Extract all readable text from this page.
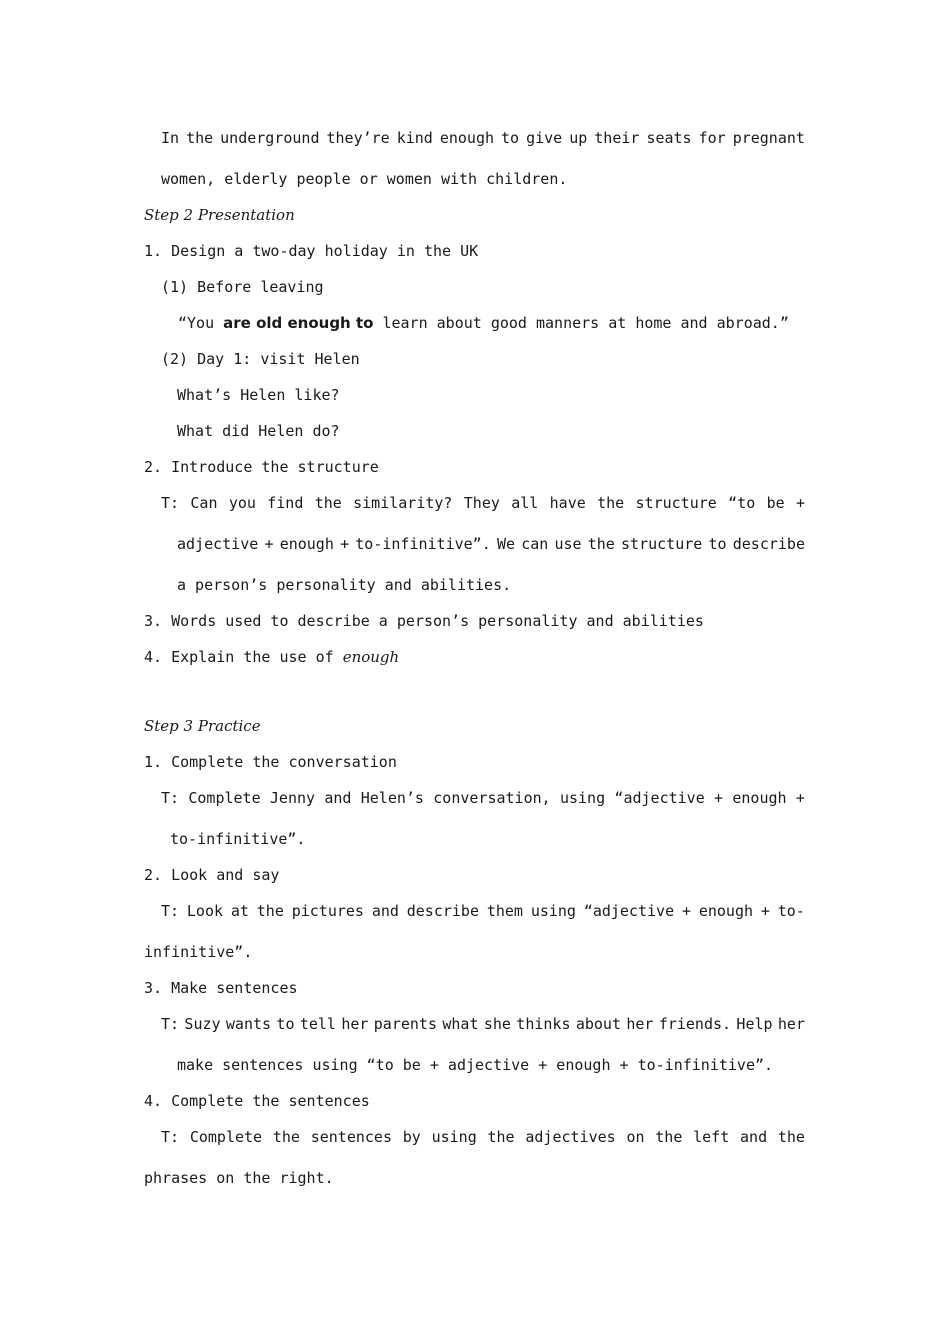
In the underground they’re kind enough to give up their seats for pregnant
women, elderly people or women with children.
Step 2 Presentation
1. Design a two-day holiday in the UK
(1) Before leaving
“You are old enough to learn about good manners at home and abroad.”
(2) Day 1: visit Helen
What’s Helen like?
What did Helen do?
2. Introduce the structure
T: Can you find the similarity? They all have the structure “to be +
adjective + enough + to-infinitive”. We can use the structure to describe
a person’s personality and abilities.
3. Words used to describe a person’s personality and abilities
4. Explain the use of enough
Step 3 Practice
1. Complete the conversation
T: Complete Jenny and Helen’s conversation, using “adjective + enough +
to-infinitive”.
2. Look and say
T: Look at the pictures and describe them using “adjective + enough + to-
infinitive”.
3. Make sentences
T: Suzy wants to tell her parents what she thinks about her friends. Help her
make sentences using “to be + adjective + enough + to-infinitive”.
4. Complete the sentences
T: Complete the sentences by using the adjectives on the left and the
phrases on the right.
